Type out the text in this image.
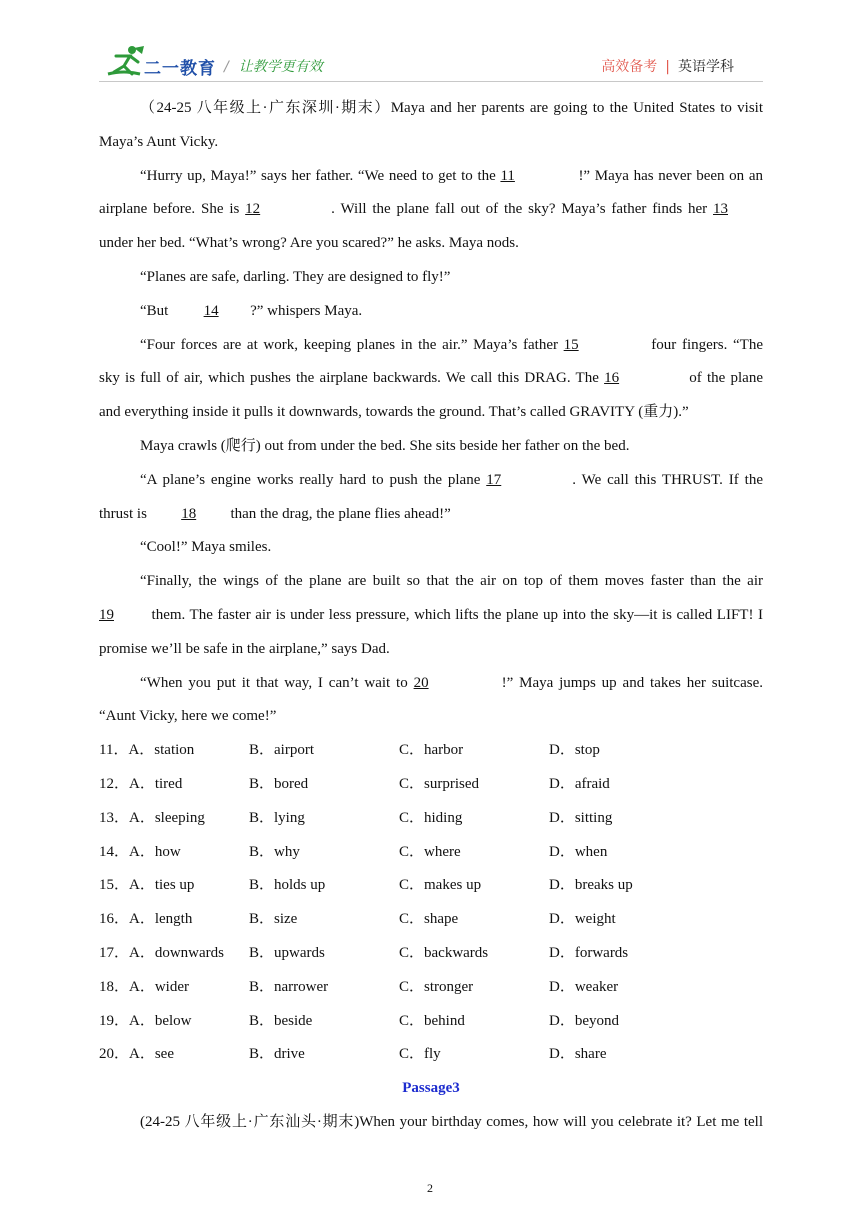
二一教育 / 让教学更有效	高效备考 | 英语学科
（24-25 八年级上·广东深圳·期末）Maya and her parents are going to the United States to visit
Maya’s Aunt Vicky.
“Hurry up, Maya!” says her father. “We need to get to the 11	!” Maya has never been on an
airplane before. She is 12	. Will the plane fall out of the sky? Maya’s father finds her 13
under her bed. “What’s wrong? Are you scared?” he asks. Maya nods.
“Planes are safe, darling. They are designed to fly!”
“But 14 ?” whispers Maya.
“Four forces are at work, keeping planes in the air.” Maya’s father 15	four fingers. “The
sky is full of air, which pushes the airplane backwards. We call this DRAG. The 16	of the plane
and everything inside it pulls it downwards, towards the ground. That’s called GRAVITY (重力).”
Maya crawls (爬行) out from under the bed. She sits beside her father on the bed.
“A plane’s engine works really hard to push the plane 17	. We call this THRUST. If the
thrust is 18 than the drag, the plane flies ahead!”
“Cool!” Maya smiles.
“Finally, the wings of the plane are built so that the air on top of them moves faster than the air
19 them. The faster air is under less pressure, which lifts the plane up into the sky—it is called LIFT! I
promise we’ll be safe in the airplane,” says Dad.
“When you put it that way, I can’t wait to 20	!” Maya jumps up and takes her suitcase.
“Aunt Vicky, here we come!”
11．A．station	B．airport	C．harbor	D．stop
12．A．tired	B．bored	C．surprised	D．afraid
13．A．sleeping	B．lying	C．hiding	D．sitting
14．A．how	B．why	C．where	D．when
15．A．ties up	B．holds up	C．makes up	D．breaks up
16．A．length	B．size	C．shape	D．weight
17．A．downwards B．upwards	C．backwards	D．forwards
18．A．wider	B．narrower	C．stronger	D．weaker
19．A．below	B．beside	C．behind	D．beyond
20．A．see	B．drive	C．fly	D．share
Passage3
(24-25 八年级上·广东汕头·期末)When your birthday comes, how will you celebrate it? Let me tell
2
